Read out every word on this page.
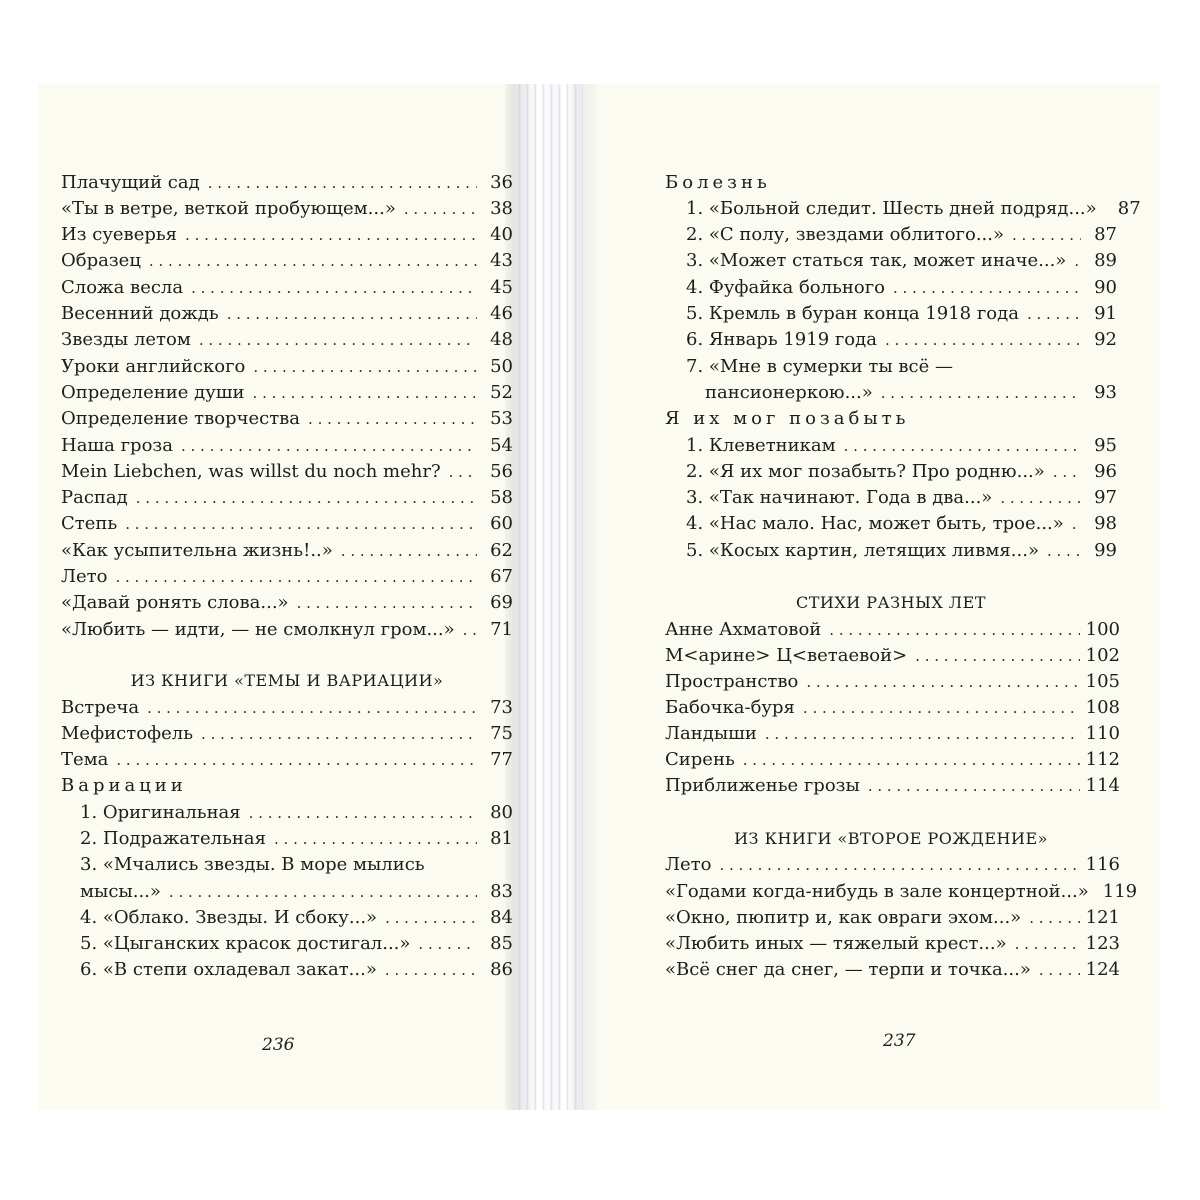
Плачущий сад . . .	36
«Ты в ветре, веткой пробующем...» . . .	38
Из суеверья . . .	40
Образец . . .	43
Сложа весла . . .	45
Весенний дождь . . .	46
Звезды летом . . .	48
Уроки английского . . .	50
Определение души . . .	52
Определение творчества . . .	53
Наша гроза . . .	54
Mein Liebchen, was willst du noch mehr? . . .	56
Распад . . .	58
Степь . . .	60
«Как усыпительна жизнь!..» . . .	62
Лето . . .	67
«Давай ронять слова...» . . .	69
«Любить — идти, — не смолкнул гром...» . . .	71
ИЗ КНИГИ «ТЕМЫ И ВАРИАЦИИ»
Встреча . . .	73
Мефистофель . . .	75
Тема . . .	77
Вариации
1. Оригинальная . . .	80
2. Подражательная . . .	81
3. «Мчались звезды. В море мылись
мысы...» . . .	83
4. «Облако. Звезды. И сбоку...» . . .	84
5. «Цыганских красок достигал...» . . .	85
6. «В степи охладевал закат...» . . .	86
236
Болезнь
1. «Больной следит. Шесть дней подряд...»	87
2. «С полу, звездами облитого...» . . .	87
3. «Может статься так, может иначе...» . . .	89
4. Фуфайка больного . . .	90
5. Кремль в буран конца 1918 года . . .	91
6. Январь 1919 года . . .	92
7. «Мне в сумерки ты всё —
пансионеркою...» . . .	93
Я их мог позабыть
1. Клеветникам . . .	95
2. «Я их мог позабыть? Про родню...» . . .	96
3. «Так начинают. Года в два...» . . .	97
4. «Нас мало. Нас, может быть, трое...» . . .	98
5. «Косых картин, летящих ливмя...» . . .	99
СТИХИ РАЗНЫХ ЛЕТ
Анне Ахматовой . . .	100
М<арине> Ц<ветаевой> . . .	102
Пространство . . .	105
Бабочка-буря . . .	108
Ландыши . . .	110
Сирень . . .	112
Приближенье грозы . . .	114
ИЗ КНИГИ «ВТОРОЕ РОЖДЕНИЕ»
Лето . . .	116
«Годами когда-нибудь в зале концертной...» 119
«Окно, пюпитр и, как овраги эхом...» . . .	121
«Любить иных — тяжелый крест...» . . .	123
«Всё снег да снег, — терпи и точка...» . . .	124
237
